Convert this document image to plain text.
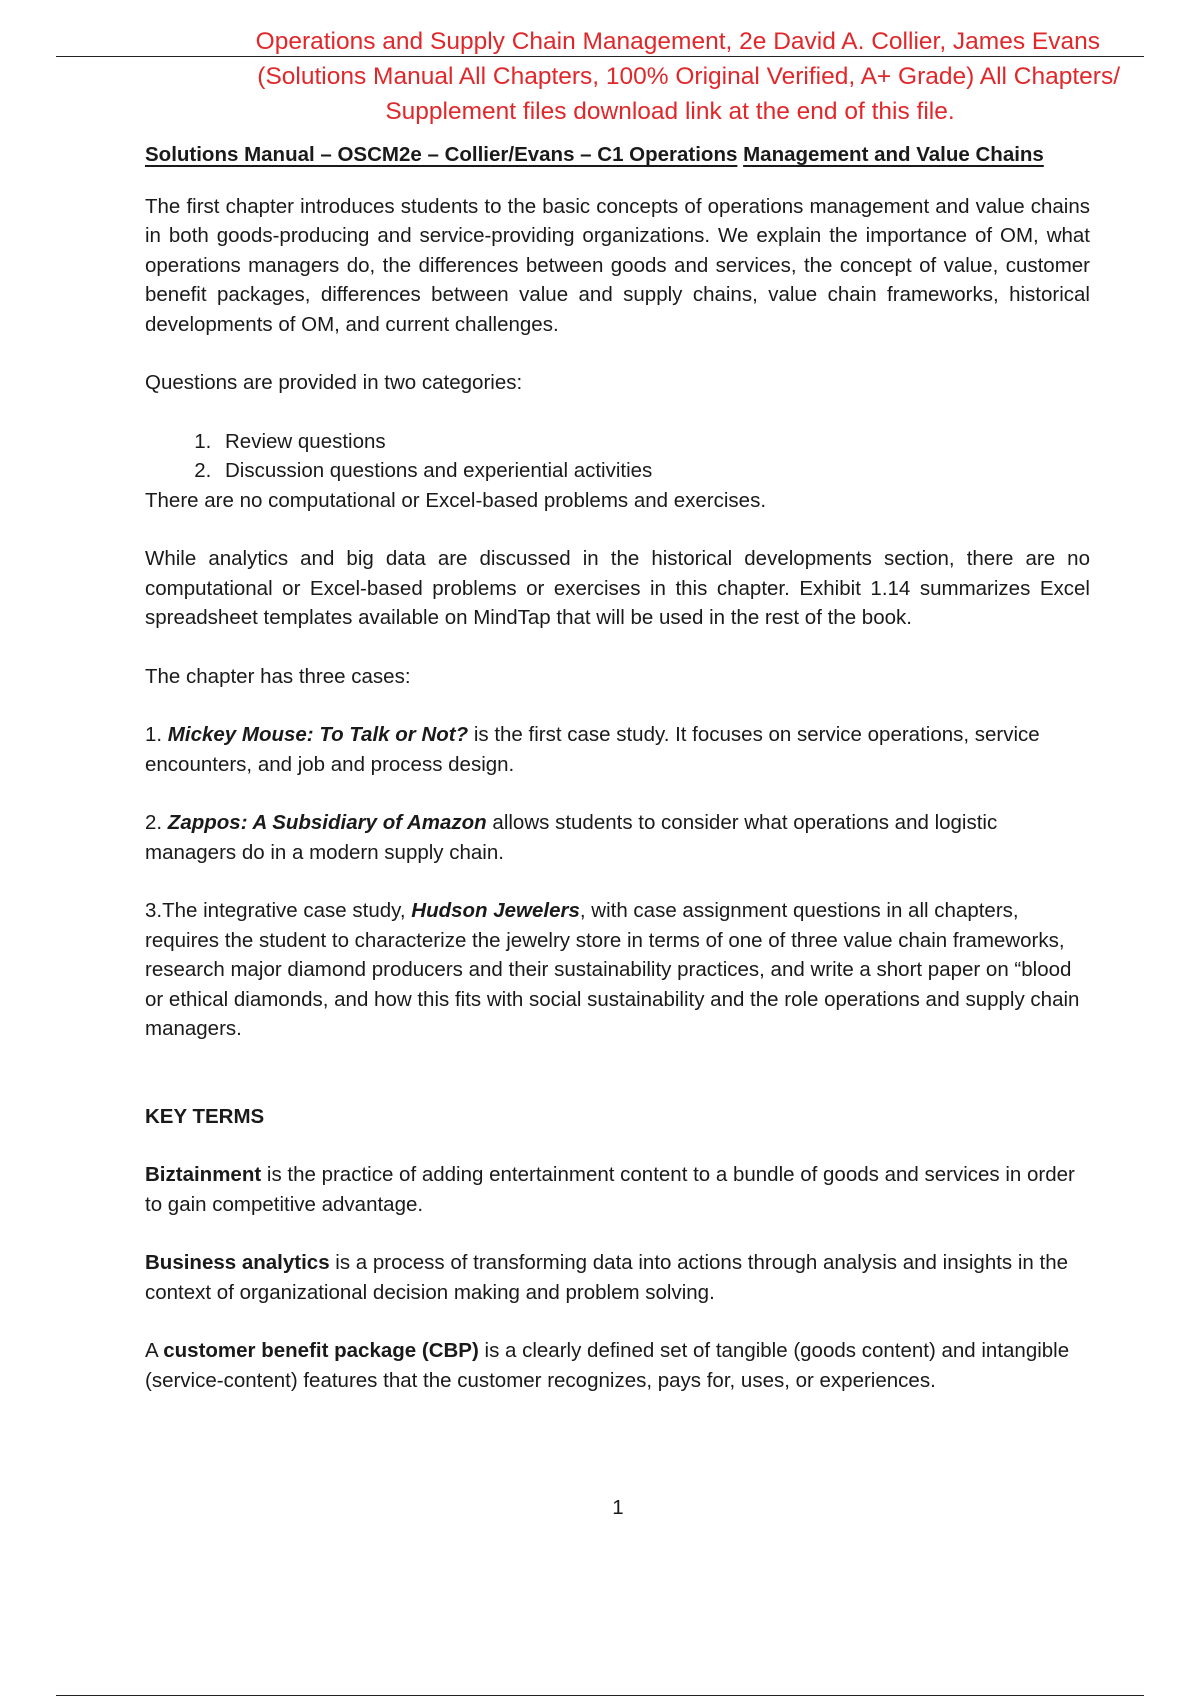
Operations and Supply Chain Management, 2e David A. Collier, James Evans
(Solutions Manual All Chapters, 100% Original Verified, A+ Grade) All Chapters/
Supplement files download link at the end of this file.
Solutions Manual – OSCM2e – Collier/Evans – C1 Operations Management and Value Chains

The first chapter introduces students to the basic concepts of operations management and value chains in both goods-producing and service-providing organizations. We explain the importance of OM, what operations managers do, the differences between goods and services, the concept of value, customer benefit packages, differences between value and supply chains, value chain frameworks, historical developments of OM, and current challenges.

Questions are provided in two categories:

1. Review questions
2. Discussion questions and experiential activities
There are no computational or Excel-based problems and exercises.

While analytics and big data are discussed in the historical developments section, there are no computational or Excel-based problems or exercises in this chapter. Exhibit 1.14 summarizes Excel spreadsheet templates available on MindTap that will be used in the rest of the book.

The chapter has three cases:

1. Mickey Mouse: To Talk or Not? is the first case study. It focuses on service operations, service encounters, and job and process design.

2. Zappos: A Subsidiary of Amazon allows students to consider what operations and logistic managers do in a modern supply chain.

3.The integrative case study, Hudson Jewelers, with case assignment questions in all chapters, requires the student to characterize the jewelry store in terms of one of three value chain frameworks, research major diamond producers and their sustainability practices, and write a short paper on “blood or ethical diamonds, and how this fits with social sustainability and the role operations and supply chain managers.

KEY TERMS

Biztainment is the practice of adding entertainment content to a bundle of goods and services in order to gain competitive advantage.

Business analytics is a process of transforming data into actions through analysis and insights in the context of organizational decision making and problem solving.

A customer benefit package (CBP) is a clearly defined set of tangible (goods content) and intangible (service-content) features that the customer recognizes, pays for, uses, or experiences.

1
